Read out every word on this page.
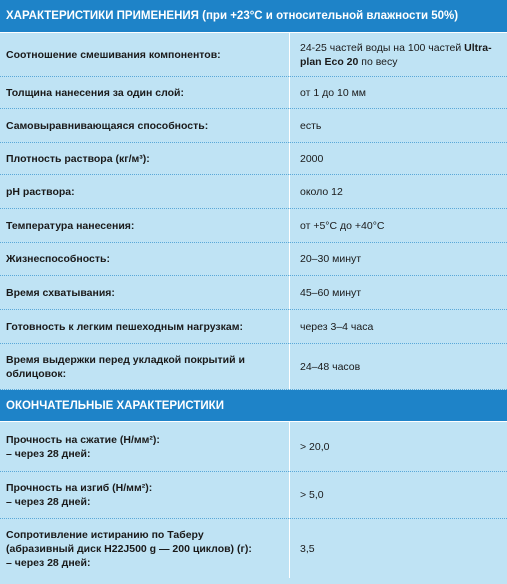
ХАРАКТЕРИСТИКИ ПРИМЕНЕНИЯ
(при +23°C и относительной влажности 50%)
Соотношение смешивания компонентов:
24-25 частей воды на 100 частей Ultra-plan Eco 20 по весу
Толщина нанесения за один слой:	от 1 до 10 мм
Самовыравнивающаяся способность:	есть
Плотность раствора (кг/м³):	2000
pH раствора:	около 12
Температура нанесения:	от +5°C до +40°C
Жизнеспособность:	20–30 минут
Время схватывания:	45–60 минут
Готовность к легким пешеходным нагрузкам:	через 3–4 часа
Время выдержки перед укладкой покрытий и
облицовок:
24–48 часов
ОКОНЧАТЕЛЬНЫЕ ХАРАКТЕРИСТИКИ
Прочность на сжатие (Н/мм²):
– через 28 дней:
> 20,0
Прочность на изгиб (Н/мм²):
– через 28 дней:
> 5,0
Сопротивление истиранию по Таберу
(абразивный диск H22J500 g — 200 циклов) (г):
– через 28 дней:
3,5
